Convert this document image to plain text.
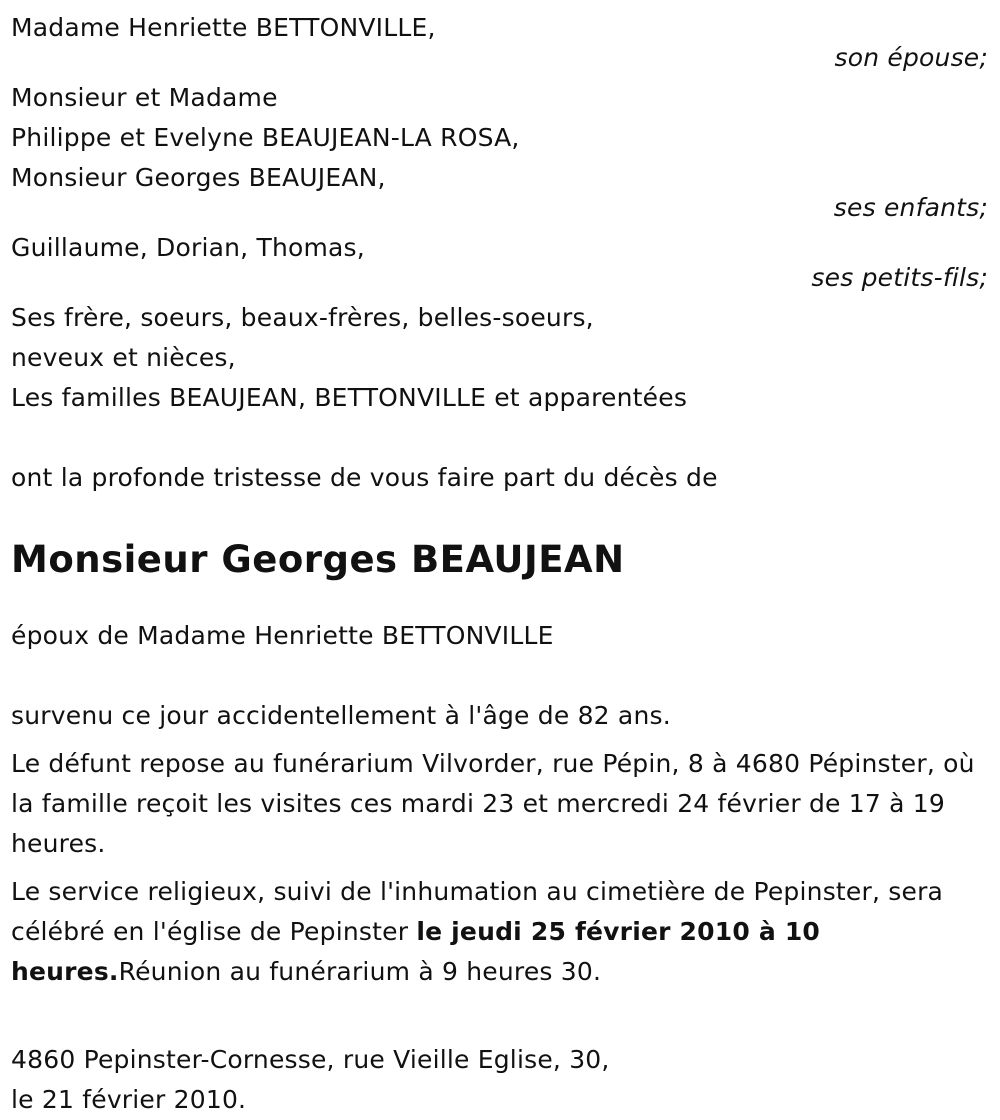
Madame Henriette BETTONVILLE,
son épouse;
Monsieur et Madame
Philippe et Evelyne BEAUJEAN-LA ROSA,
Monsieur Georges BEAUJEAN,
ses enfants;
Guillaume, Dorian, Thomas,
ses petits-fils;
Ses frère, soeurs, beaux-frères, belles-soeurs,
neveux et nièces,
Les familles BEAUJEAN, BETTONVILLE et apparentées
ont la profonde tristesse de vous faire part du décès de
Monsieur Georges BEAUJEAN
époux de Madame Henriette BETTONVILLE
survenu ce jour accidentellement à l'âge de 82 ans.
Le défunt repose au funérarium Vilvorder, rue Pépin, 8 à 4680 Pépinster, où la famille reçoit les visites ces mardi 23 et mercredi 24 février de 17 à 19 heures.
Le service religieux, suivi de l'inhumation au cimetière de Pepinster, sera célébré en l'église de Pepinster le jeudi 25 février 2010 à 10 heures.Réunion au funérarium à 9 heures 30.
4860 Pepinster-Cornesse, rue Vieille Eglise, 30,
le 21 février 2010.
